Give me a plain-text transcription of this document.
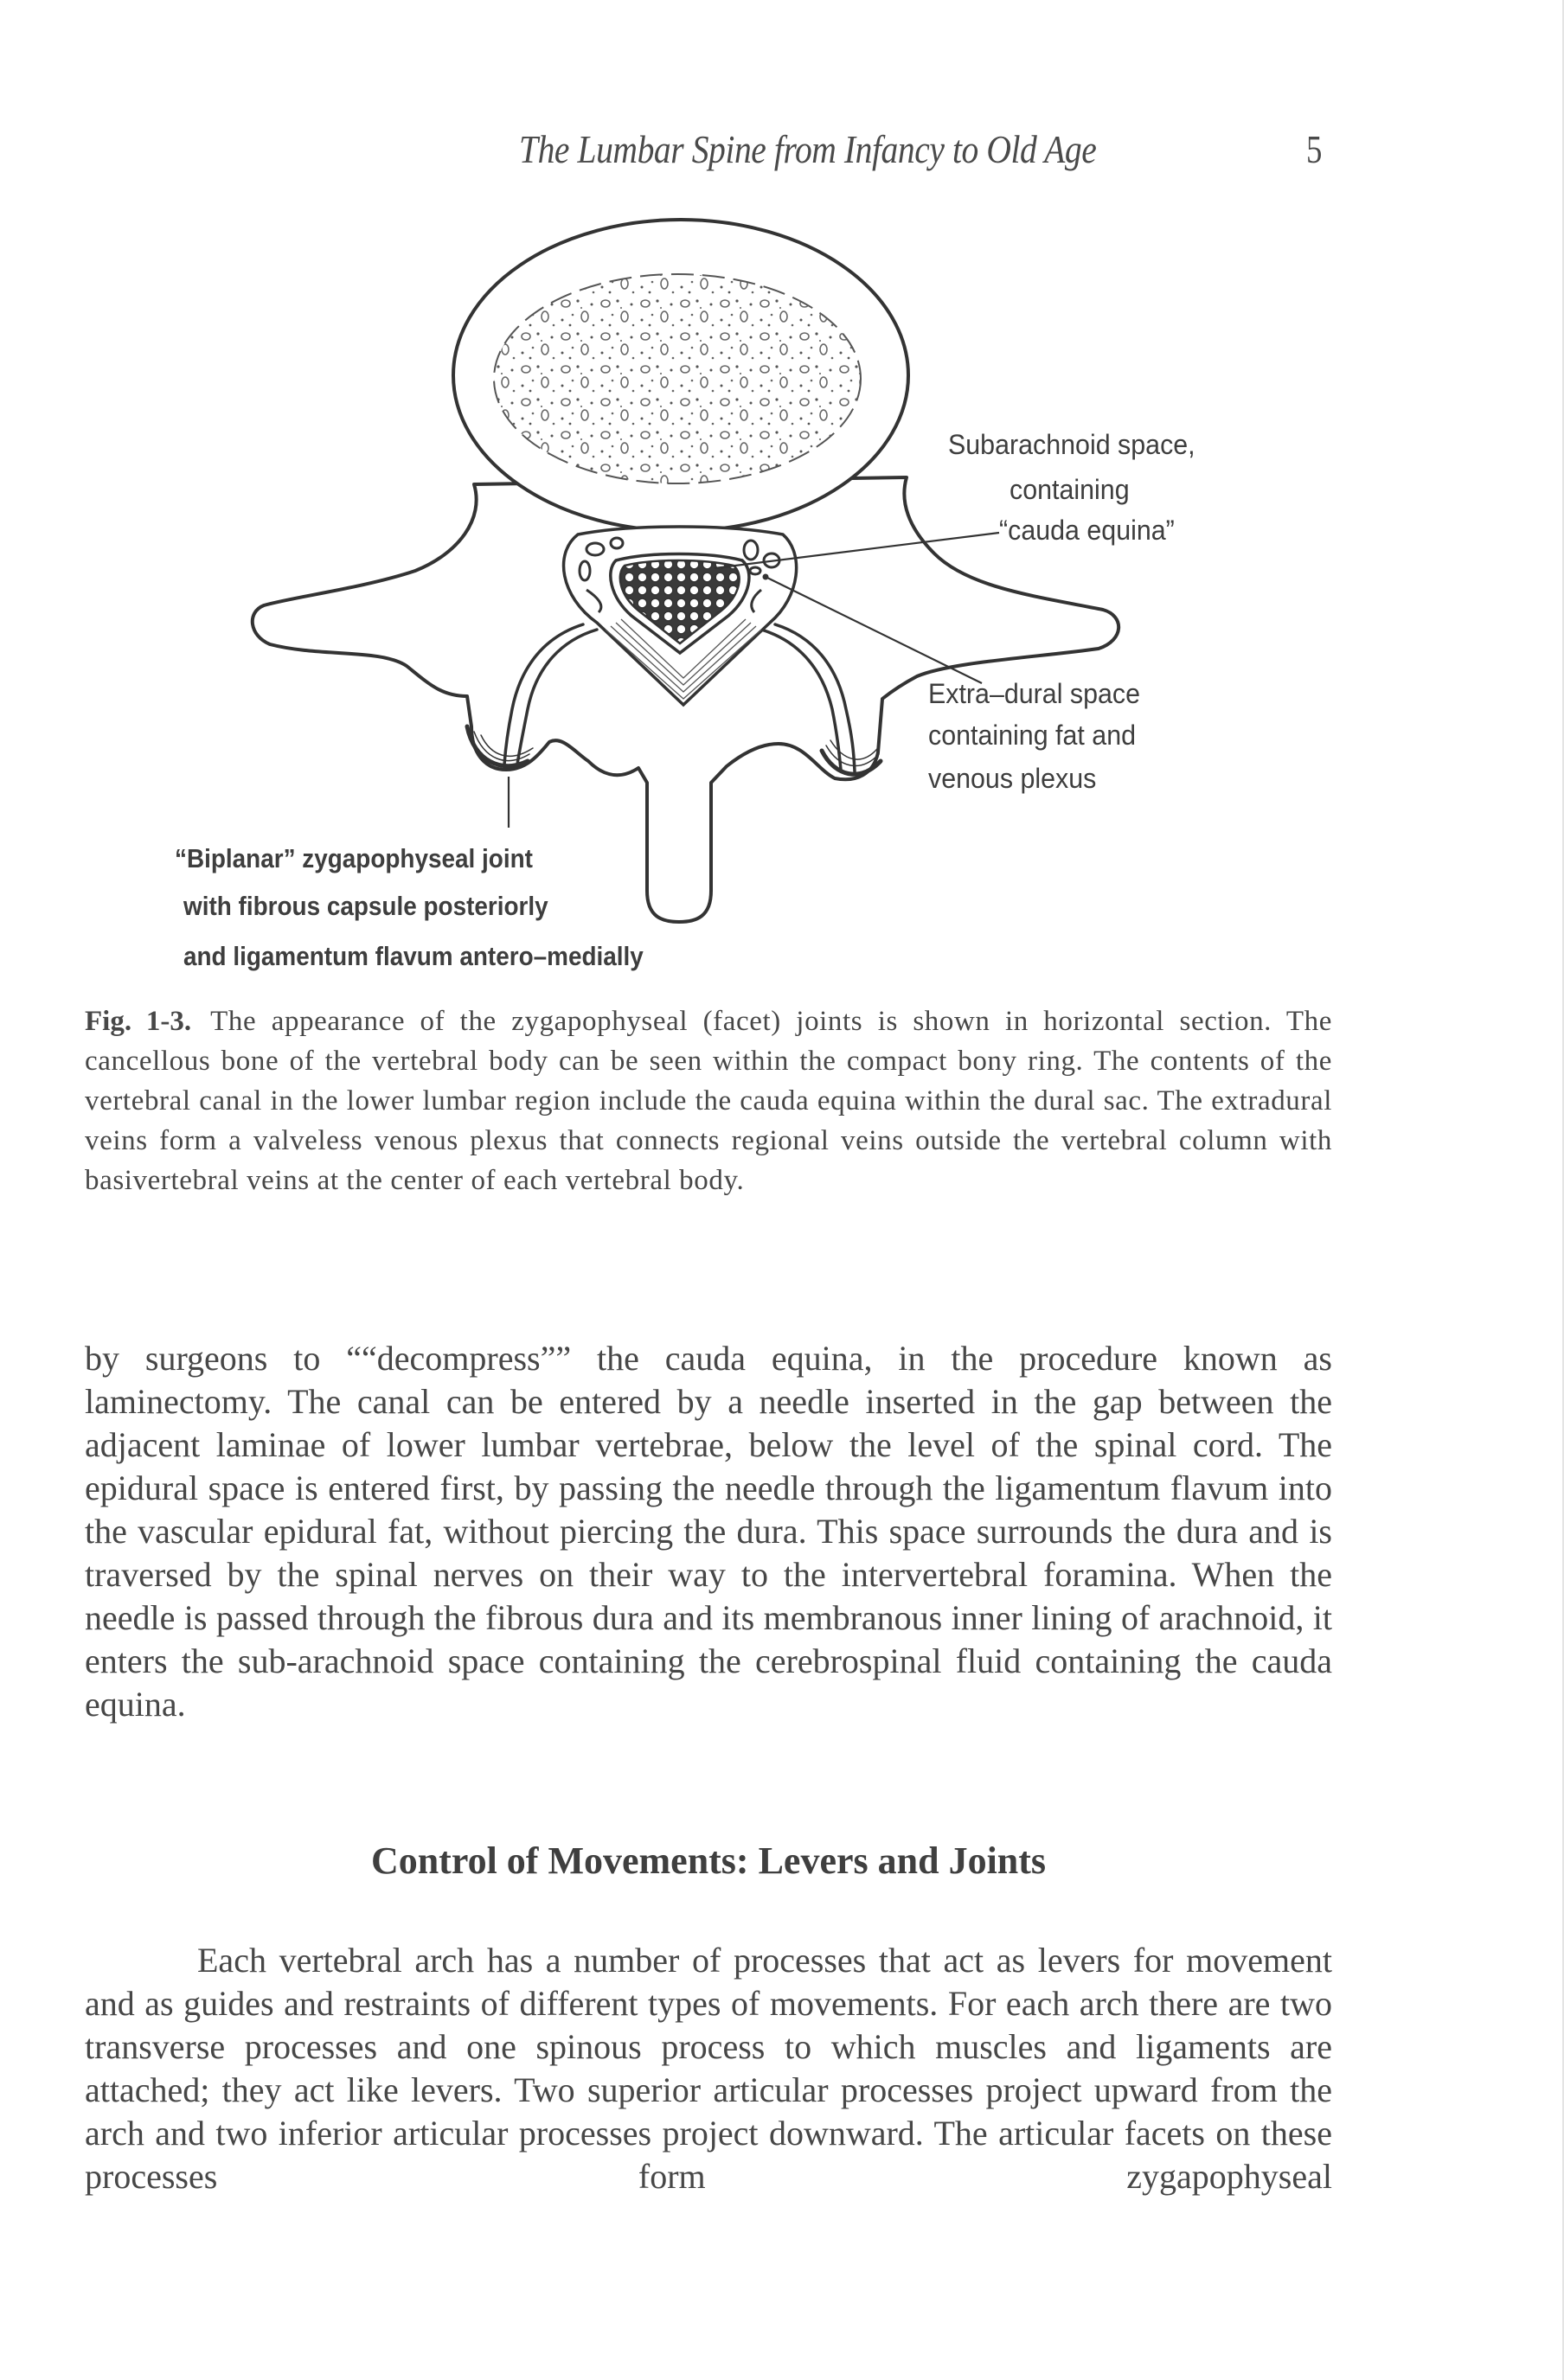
The Lumbar Spine from Infancy to Old Age	5
Subarachnoid space,
containing
“cauda equina”
Extra–dural space
containing fat and
venous plexus
“Biplanar” zygapophyseal joint
with fibrous capsule posteriorly
and ligamentum flavum antero–medially
Fig. 1-3. The appearance of the zygapophyseal (facet) joints is shown in horizontal section. The cancellous bone of the vertebral body can be seen within the compact bony ring. The contents of the vertebral canal in the lower lumbar region include the cauda equina within the dural sac. The extradural veins form a valveless venous plexus that connects regional veins outside the vertebral column with basivertebral veins at the center of each vertebral body.
by surgeons to ““decompress”” the cauda equina, in the procedure known as laminectomy. The canal can be entered by a needle inserted in the gap between the adjacent laminae of lower lumbar vertebrae, below the level of the spinal cord. The epidural space is entered first, by passing the needle through the ligamentum flavum into the vascular epidural fat, without piercing the dura. This space surrounds the dura and is traversed by the spinal nerves on their way to the intervertebral foramina. When the needle is passed through the fibrous dura and its membranous inner lining of arachnoid, it enters the sub-arachnoid space containing the cerebrospinal fluid containing the cauda equina.
Control of Movements: Levers and Joints
Each vertebral arch has a number of processes that act as levers for movement and as guides and restraints of different types of movements. For each arch there are two transverse processes and one spinous process to which muscles and ligaments are attached; they act like levers. Two superior articular processes project upward from the arch and two inferior articular processes project downward. The articular facets on these processes form zygapophyseal
